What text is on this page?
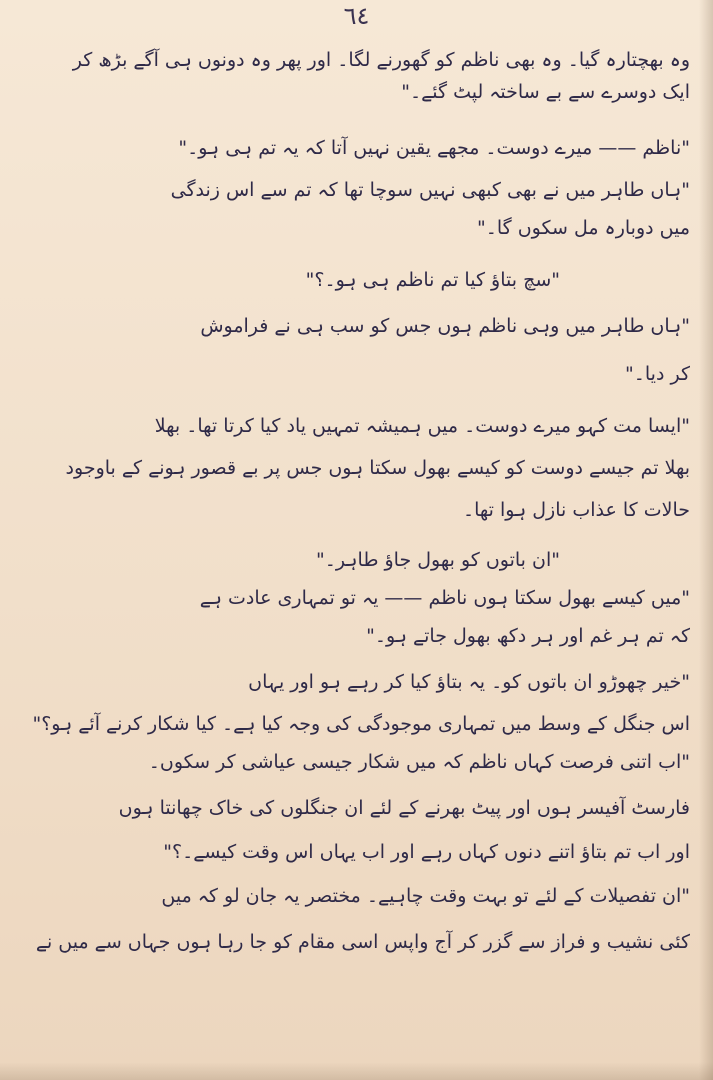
٦٤
وہ بھچتارہ گیا۔ وہ بھی ناظم کو گھورنے لگا۔ اور پھر وہ دونوں ہی آگے بڑھ کر
ایک دوسرے سے بے ساختہ لپٹ گئے۔"
"ناظم —— میرے دوست۔ مجھے یقین نہیں آتا کہ یہ تم ہی ہو۔"
"ہاں طاہر میں نے بھی کبھی نہیں سوچا تھا کہ تم سے اس زندگی
میں دوبارہ مل سکوں گا۔"
"سچ بتاؤ کیا تم ناظم ہی ہو۔؟"
"ہاں طاہر میں وہی ناظم ہوں جس کو سب ہی نے فراموش
کر دیا۔"
"ایسا مت کہو میرے دوست۔ میں ہمیشہ تمہیں یاد کیا کرتا تھا۔ بھلا
بھلا تم جیسے دوست کو کیسے بھول سکتا ہوں جس پر بے قصور ہونے کے باوجود
حالات کا عذاب نازل ہوا تھا۔
"ان باتوں کو بھول جاؤ طاہر۔"
"میں کیسے بھول سکتا ہوں ناظم —— یہ تو تمہاری عادت ہے
کہ تم ہر غم اور ہر دکھ بھول جاتے ہو۔"
"خیر چھوڑو ان باتوں کو۔ یہ بتاؤ کیا کر رہے ہو اور یہاں
اس جنگل کے وسط میں تمہاری موجودگی کی وجہ کیا ہے۔ کیا شکار کرنے آئے ہو؟"
"اب اتنی فرصت کہاں ناظم کہ میں شکار جیسی عیاشی کر سکوں۔
فارسٹ آفیسر ہوں اور پیٹ بھرنے کے لئے ان جنگلوں کی خاک چھانتا ہوں
اور اب تم بتاؤ اتنے دنوں کہاں رہے اور اب یہاں اس وقت کیسے۔؟"
"ان تفصیلات کے لئے تو بہت وقت چاہیے۔ مختصر یہ جان لو کہ میں
کئی نشیب و فراز سے گزر کر آج واپس اسی مقام کو جا رہا ہوں جہاں سے میں نے
